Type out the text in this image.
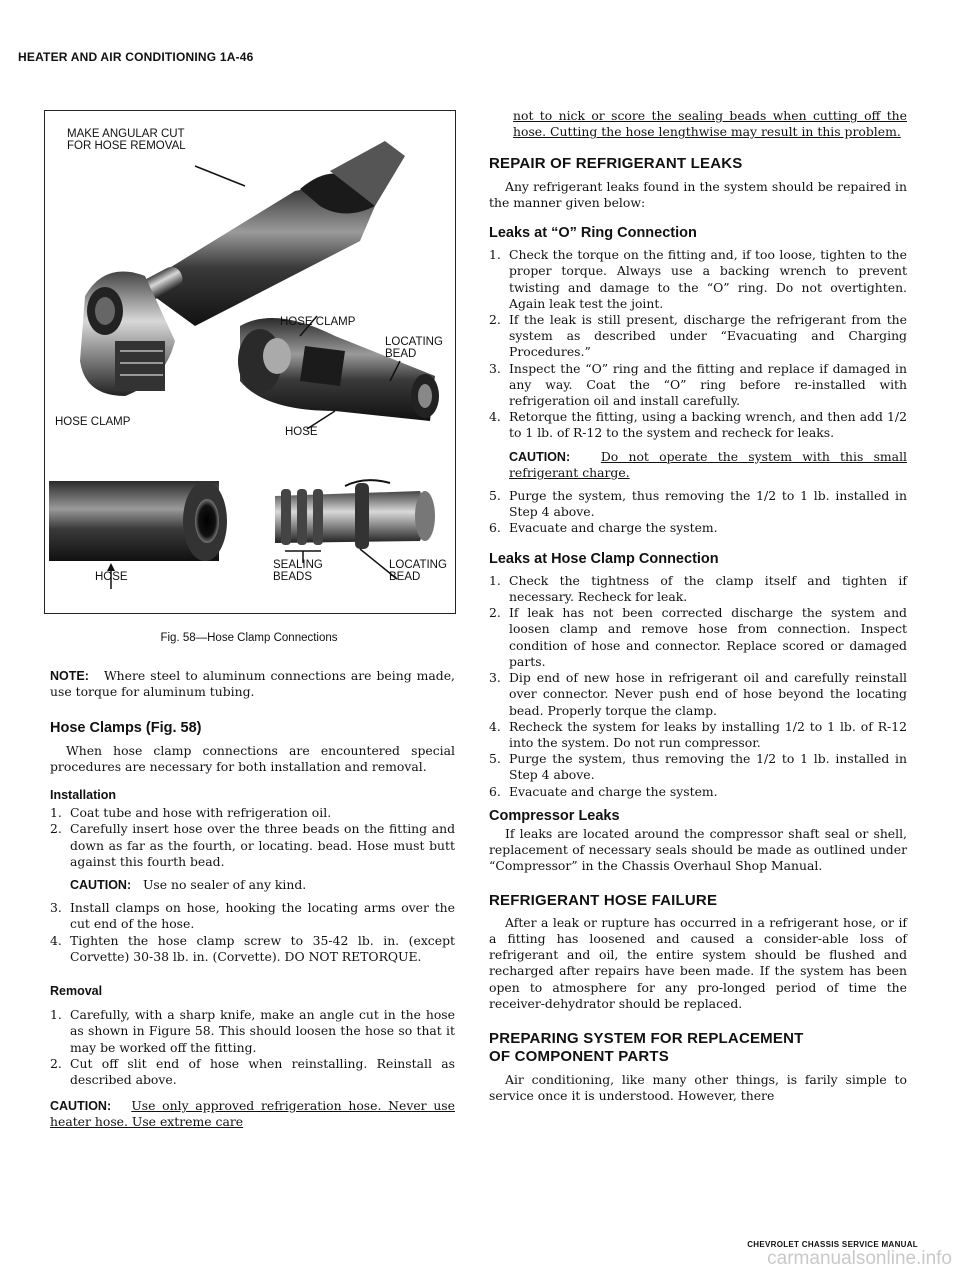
HEATER AND AIR CONDITIONING 1A-46
MAKE ANGULAR CUT
FOR HOSE REMOVAL
HOSE CLAMP
LOCATING
BEAD
HOSE CLAMP
HOSE
HOSE
SEALING
BEADS
LOCATING
BEAD
Fig. 58—Hose Clamp Connections

NOTE: Where steel to aluminum connections are being made, use torque for aluminum tubing.

Hose Clamps (Fig. 58)

When hose clamp connections are encountered special procedures are necessary for both installation and removal.

Installation
1. Coat tube and hose with refrigeration oil.
2. Carefully insert hose over the three beads on the fitting and down as far as the fourth, or locating. bead. Hose must butt against this fourth bead.

CAUTION: Use no sealer of any kind.

3. Install clamps on hose, hooking the locating arms over the cut end of the hose.
4. Tighten the hose clamp screw to 35-42 lb. in. (except Corvette) 30-38 lb. in. (Corvette). DO NOT RETORQUE.
Removal
1. Carefully, with a sharp knife, make an angle cut in the hose as shown in Figure 58. This should loosen the hose so that it may be worked off the fitting.
2. Cut off slit end of hose when reinstalling. Reinstall as described above.

CAUTION: Use only approved refrigeration hose. Never use heater hose. Use extreme care

not to nick or score the sealing beads when cutting off the hose. Cutting the hose lengthwise may result in this problem.

REPAIR OF REFRIGERANT LEAKS

Any refrigerant leaks found in the system should be repaired in the manner given below:

Leaks at “O” Ring Connection
1. Check the torque on the fitting and, if too loose, tighten to the proper torque. Always use a backing wrench to prevent twisting and damage to the “O” ring. Do not overtighten. Again leak test the joint.
2. If the leak is still present, discharge the refrigerant from the system as described under “Evacuating and Charging Procedures.”
3. Inspect the “O” ring and the fitting and replace if damaged in any way. Coat the “O” ring before re-installed with refrigeration oil and install carefully.
4. Retorque the fitting, using a backing wrench, and then add 1/2 to 1 lb. of R-12 to the system and recheck for leaks.

CAUTION: Do not operate the system with this small refrigerant charge.

5. Purge the system, thus removing the 1/2 to 1 lb. installed in Step 4 above.
6. Evacuate and charge the system.
Leaks at Hose Clamp Connection
1. Check the tightness of the clamp itself and tighten if necessary. Recheck for leak.
2. If leak has not been corrected discharge the system and loosen clamp and remove hose from connection. Inspect condition of hose and connector. Replace scored or damaged parts.
3. Dip end of new hose in refrigerant oil and carefully reinstall over connector. Never push end of hose beyond the locating bead. Properly torque the clamp.
4. Recheck the system for leaks by installing 1/2 to 1 lb. of R-12 into the system. Do not run compressor.
5. Purge the system, thus removing the 1/2 to 1 lb. installed in Step 4 above.
6. Evacuate and charge the system.
Compressor Leaks

If leaks are located around the compressor shaft seal or shell, replacement of necessary seals should be made as outlined under “Compressor” in the Chassis Overhaul Shop Manual.

REFRIGERANT HOSE FAILURE

After a leak or rupture has occurred in a refrigerant hose, or if a fitting has loosened and caused a consider-able loss of refrigerant and oil, the entire system should be flushed and recharged after repairs have been made. If the system has been open to atmosphere for any pro-longed period of time the receiver-dehydrator should be replaced.

PREPARING SYSTEM FOR REPLACEMENT OF COMPONENT PARTS

Air conditioning, like many other things, is farily simple to service once it is understood. However, there

CHEVROLET CHASSIS SERVICE MANUAL
carmanualsonline.info
